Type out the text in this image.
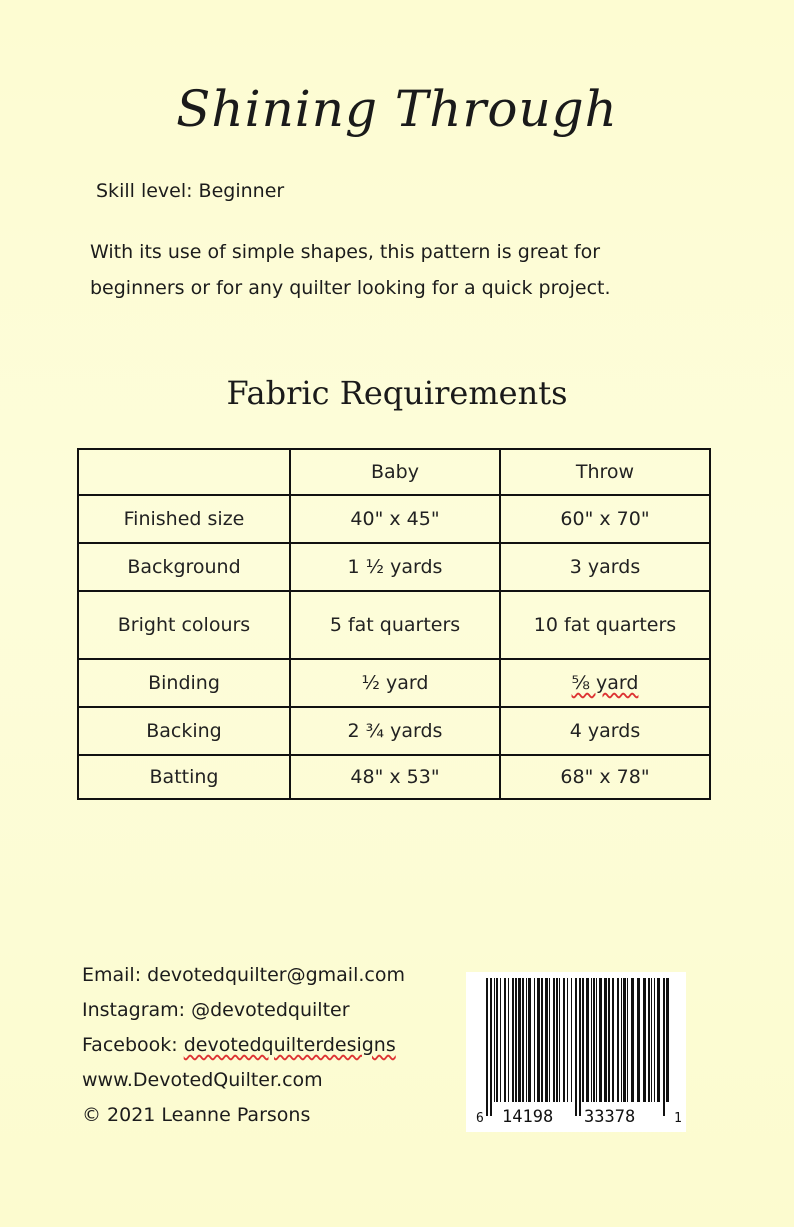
Shining Through
Skill level: Beginner
With its use of simple shapes, this pattern is great for
beginners or for any quilter looking for a quick project.
Fabric Requirements
	Baby	Throw
Finished size	40" x 45"	60" x 70"
Background	1 ½ yards	3 yards
Bright colours	5 fat quarters	10 fat quarters
Binding	½ yard	⅝ yard
Backing	2 ¾ yards	4 yards
Batting	48" x 53"	68" x 78"
Email: devotedquilter@gmail.com
Instagram: @devotedquilter
Facebook: devotedquilterdesigns
www.DevotedQuilter.com
© 2021 Leanne Parsons	6 14198 33378	1
